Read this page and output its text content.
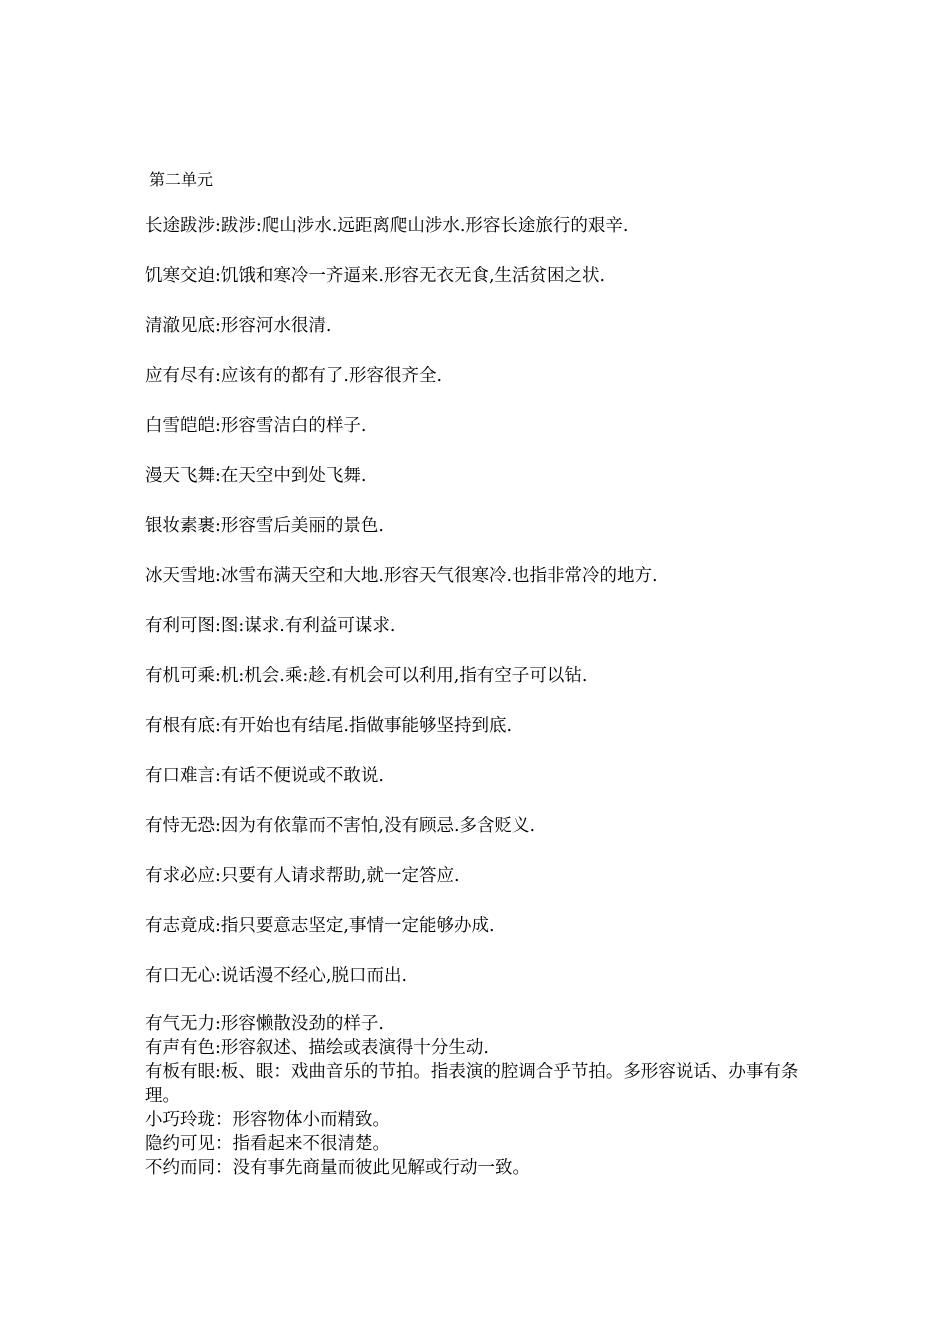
第二单元
长途跋涉:跋涉:爬山涉水.远距离爬山涉水.形容长途旅行的艰辛.
饥寒交迫:饥饿和寒冷一齐逼来.形容无衣无食,生活贫困之状.
清澈见底:形容河水很清.
应有尽有:应该有的都有了.形容很齐全.
白雪皑皑:形容雪洁白的样子.
漫天飞舞:在天空中到处飞舞.
银妆素裹:形容雪后美丽的景色.
冰天雪地:冰雪布满天空和大地.形容天气很寒冷.也指非常冷的地方.
有利可图:图:谋求.有利益可谋求.
有机可乘:机:机会.乘:趁.有机会可以利用,指有空子可以钻.
有根有底:有开始也有结尾.指做事能够坚持到底.
有口难言:有话不便说或不敢说.
有恃无恐:因为有依靠而不害怕,没有顾忌.多含贬义.
有求必应:只要有人请求帮助,就一定答应.
有志竟成:指只要意志坚定,事情一定能够办成.
有口无心:说话漫不经心,脱口而出.
有气无力:形容懒散没劲的样子.
有声有色:形容叙述、描绘或表演得十分生动.
有板有眼:板、眼：戏曲音乐的节拍。指表演的腔调合乎节拍。多形容说话、办事有条理。
小巧玲珑：形容物体小而精致。
隐约可见：指看起来不很清楚。
不约而同：没有事先商量而彼此见解或行动一致。
